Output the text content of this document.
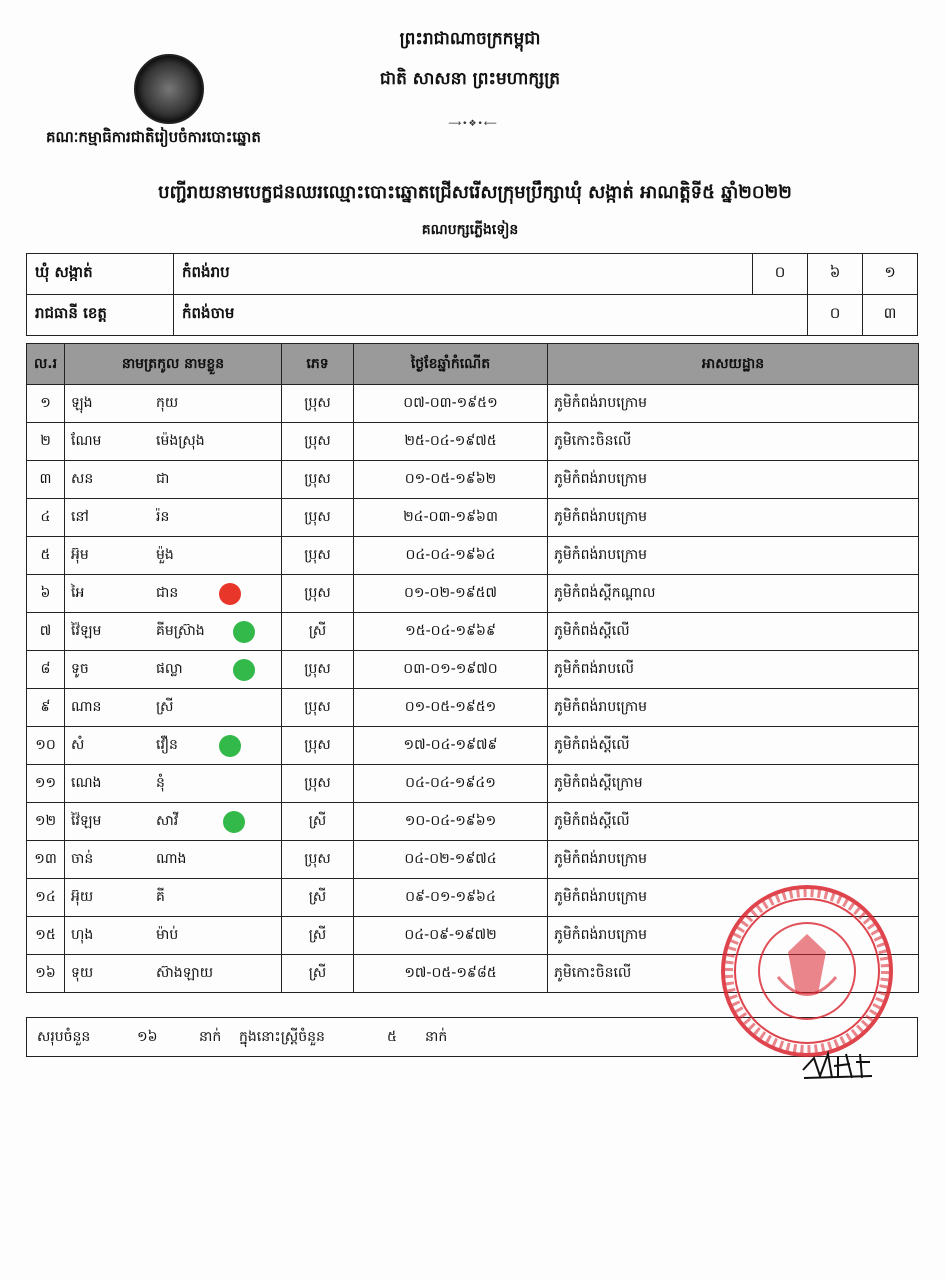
ព្រះរាជាណាចក្រកម្ពុជា
ជាតិ សាសនា ព្រះមហាក្សត្រ
⟶•❖•⟵
គណៈកម្មាធិការជាតិរៀបចំការបោះឆ្នោត
បញ្ជីរាយនាមបេក្ខជនឈរឈ្មោះបោះឆ្នោតជ្រើសរើសក្រុមប្រឹក្សាឃុំ សង្កាត់ អាណត្តិទី៥ ឆ្នាំ២០២២
គណបក្សភ្លើងទៀន
ឃុំ សង្កាត់	កំពង់រាប	០	៦	១
រាជធានី ខេត្ត	កំពង់ចាម		០	៣
ល.រ	នាមត្រកូល នាមខ្លួន	ភេទ	ថ្ងៃខែឆ្នាំកំណើត	អាសយដ្ឋាន
១	ឡុង កុយ	ប្រុស	០៧-០៣-១៩៥១	ភូមិកំពង់រាបក្រោម
២	ណែម ម៉េងស្រុង	ប្រុស	២៥-០៤-១៩៧៥	ភូមិកោះចិនលើ
៣	សន ជា	ប្រុស	០១-០៥-១៩៦២	ភូមិកំពង់រាបក្រោម
៤	នៅ រ៉ន	ប្រុស	២៤-០៣-១៩៦៣	ភូមិកំពង់រាបក្រោម
៥	អ៊ុម ម៉ួង	ប្រុស	០៤-០៤-១៩៦៤	ភូមិកំពង់រាបក្រោម
៦	អៃ ជាន	ប្រុស	០១-០២-១៩៥៧	ភូមិកំពង់ស្ដីកណ្ដាល
៧	វ៉ៃឡម គីមស្រ៊ាង	ស្រី	១៥-០៤-១៩៦៩	ភូមិកំពង់ស្ដីលើ
៨	ទូច ផល្លា	ប្រុស	០៣-០១-១៩៧០	ភូមិកំពង់រាបលើ
៩	ណាន ស្រី	ប្រុស	០១-០៥-១៩៥១	ភូមិកំពង់រាបក្រោម
១០	សំ វឿន	ប្រុស	១៧-០៤-១៩៧៩	ភូមិកំពង់ស្ដីលើ
១១	ណេង នុំ	ប្រុស	០៤-០៤-១៩៤១	ភូមិកំពង់ស្ដីក្រោម
១២	វ៉ៃឡម សាវី	ស្រី	១០-០៤-១៩៦១	ភូមិកំពង់ស្ដីលើ
១៣	ចាន់ ណាង	ប្រុស	០៤-០២-១៩៧៤	ភូមិកំពង់រាបក្រោម
១៤	អ៊ុយ គី	ស្រី	០៩-០១-១៩៦៤	ភូមិកំពង់រាបក្រោម
១៥	ហុង ម៉ាប់	ស្រី	០៤-០៩-១៩៧២	ភូមិកំពង់រាបក្រោម
១៦	ទុយ ស៊ាងឡាយ	ស្រី	១៧-០៥-១៩៨៥	ភូមិកោះចិនលើ
សរុបចំនួន	១៦	នាក់ ក្នុងនោះស្ត្រីចំនួន	៥ នាក់
